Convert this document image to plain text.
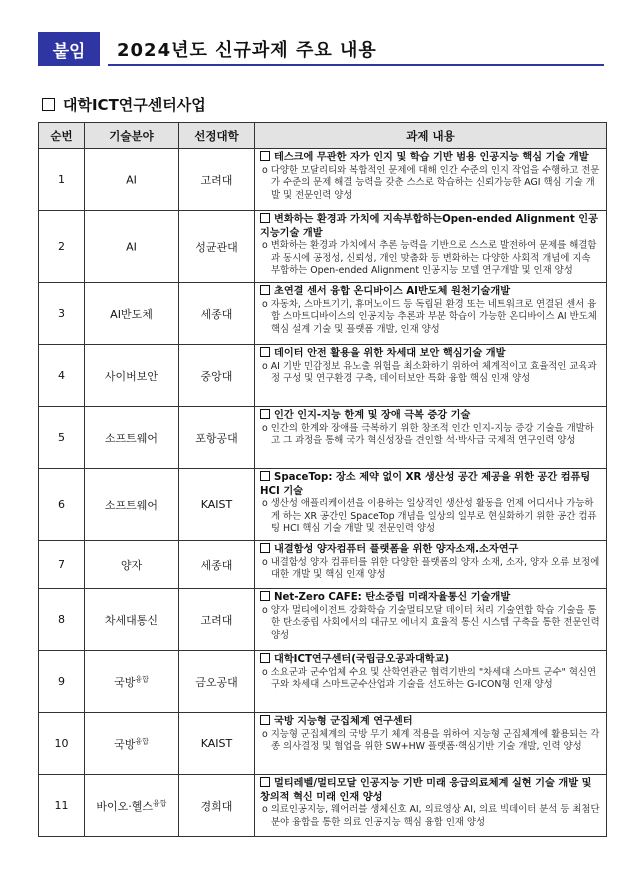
붙임	2024년도 신규과제 주요 내용
대학ICT연구센터사업
순번	기술분야	선정대학	과제 내용
1	AI	고려대	테스크에 무관한 자가 인지 및 학습 기반 범용 인공지능 핵심 기술 개발
o 다양한 모달리티와 복합적인 문제에 대해 인간 수준의 인지 작업을 수행하고 전문가 수준의 문제 해결 능력을 갖춘 스스로 학습하는 신뢰가능한 AGI 핵심 기술 개발 및 전문인력 양성

2	AI	성균관대	변화하는 환경과 가치에 지속부합하는Open-ended Alignment 인공지능기술 개발
o 변화하는 환경과 가치에서 추론 능력을 기반으로 스스로 발전하여 문제를 해결함과 동시에 공정성, 신뢰성, 개인 맞춤화 등 변화하는 다양한 사회적 개념에 지속 부합하는 Open-ended Alignment 인공지능 모델 연구개발 및 인재 양성

3	AI반도체	세종대	초연결 센서 융합 온디바이스 AI반도체 원천기술개발
o 자동차, 스마트기기, 휴머노이드 등 독립된 환경 또는 네트워크로 연결된 센서 융합 스마트디바이스의 인공지능 추론과 부분 학습이 가능한 온디바이스 AI 반도체 핵심 설계 기술 및 플랫폼 개발, 인재 양성

4	사이버보안	중앙대	데이터 안전 활용을 위한 차세대 보안 핵심기술 개발
o AI 기반 민감정보 유노출 위험을 최소화하기 위하여 체계적이고 효율적인 교육과정 구성 및 연구환경 구축, 데이터보안 특화 융합 핵심 인재 양성

5	소프트웨어	포항공대	인간 인지-지능 한계 및 장애 극복 증강 기술
o 인간의 한계와 장애를 극복하기 위한 창조적 인간 인지-지능 증강 기술을 개발하고 그 과정을 통해 국가 혁신성장을 견인할 석·박사급 국제적 연구인력 양성

6	소프트웨어	KAIST	SpaceTop: 장소 제약 없이 XR 생산성 공간 제공을 위한 공간 컴퓨팅 HCI 기술
o 생산성 애플리케이션을 이용하는 일상적인 생산성 활동을 언제 어디서나 가능하게 하는 XR 공간인 SpaceTop 개념을 일상의 일부로 현실화하기 위한 공간 컴퓨팅 HCI 핵심 기술 개발 및 전문인력 양성

7	양자	세종대	내결함성 양자컴퓨터 플랫폼을 위한 양자소재.소자연구
o 내결함성 양자 컴퓨터를 위한 다양한 플랫폼의 양자 소재, 소자, 양자 오류 보정에 대한 개발 및 핵심 인재 양성

8	차세대통신	고려대	Net-Zero CAFE: 탄소중립 미래자율통신 기술개발
o 양자 멀티에이전트 강화학습 기술멀티모달 데이터 처리 기술연합 학습 기술을 통한 탄소중립 사회에서의 대규모 에너지 효율적 통신 시스템 구축을 통한 전문인력 양성

9	국방$^{융합}$	금오공대	대학ICT연구센터(국립금오공과대학교)
o 소요군과 군수업체 수요 및 산학연관군 협력기반의 "차세대 스마트 군수" 혁신연구와 차세대 스마트군수산업과 기술을 선도하는 G-ICON형 인재 양성

10	국방$^{융합}$	KAIST	국방 지능형 군집체계 연구센터
o 지능형 군집체계의 국방 무기 체계 적용을 위하여 지능형 군집체계에 활용되는 각종 의사결정 및 협업을 위한 SW+HW 플랫폼·핵심기반 기술 개발, 인력 양성

11	바이오·헬스$^{융합}$	경희대	멀티레벨/멀티모달 인공지능 기반 미래 응급의료체계 실현 기술 개발 및 창의적 혁신 미래 인재 양성
o 의료인공지능, 웨어러블 생체신호 AI, 의료영상 AI, 의료 빅데이터 분석 등 최첨단 분야 융합을 통한 의료 인공지능 핵심 융합 인재 양성
